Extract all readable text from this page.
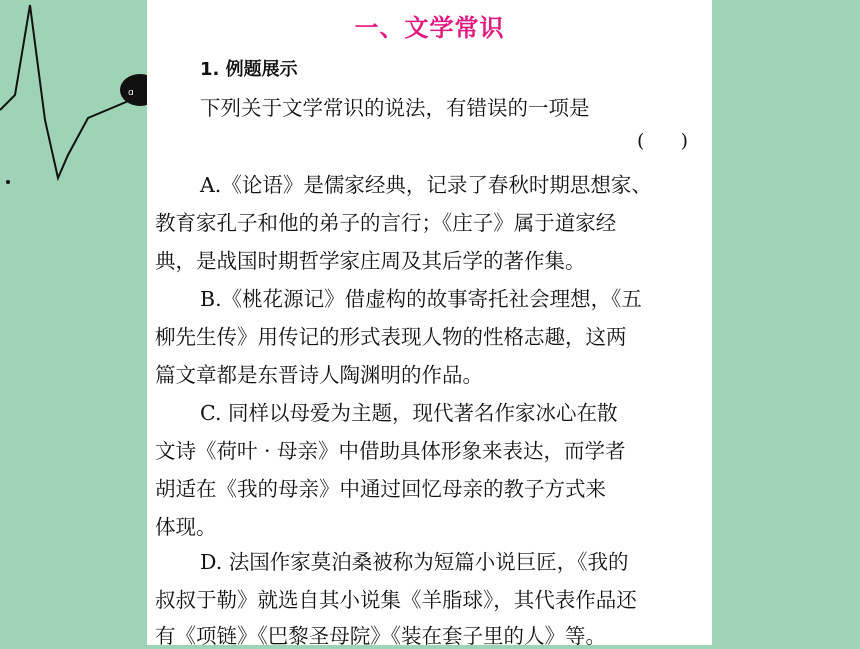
ɑ
一、文学常识
1. 例题展示
下列关于文学常识的说法，有错误的一项是
(      )
A.《论语》是儒家经典，记录了春秋时期思想家、
教育家孔子和他的弟子的言行；《庄子》属于道家经
典，是战国时期哲学家庄周及其后学的著作集。
B.《桃花源记》借虚构的故事寄托社会理想，《五
柳先生传》用传记的形式表现人物的性格志趣，这两
篇文章都是东晋诗人陶渊明的作品。
C. 同样以母爱为主题，现代著名作家冰心在散
文诗《荷叶 · 母亲》中借助具体形象来表达，而学者
胡适在《我的母亲》中通过回忆母亲的教子方式来
体现。
D. 法国作家莫泊桑被称为短篇小说巨匠，《我的
叔叔于勒》就选自其小说集《羊脂球》，其代表作品还
有《项链》《巴黎圣母院》《装在套子里的人》等。
